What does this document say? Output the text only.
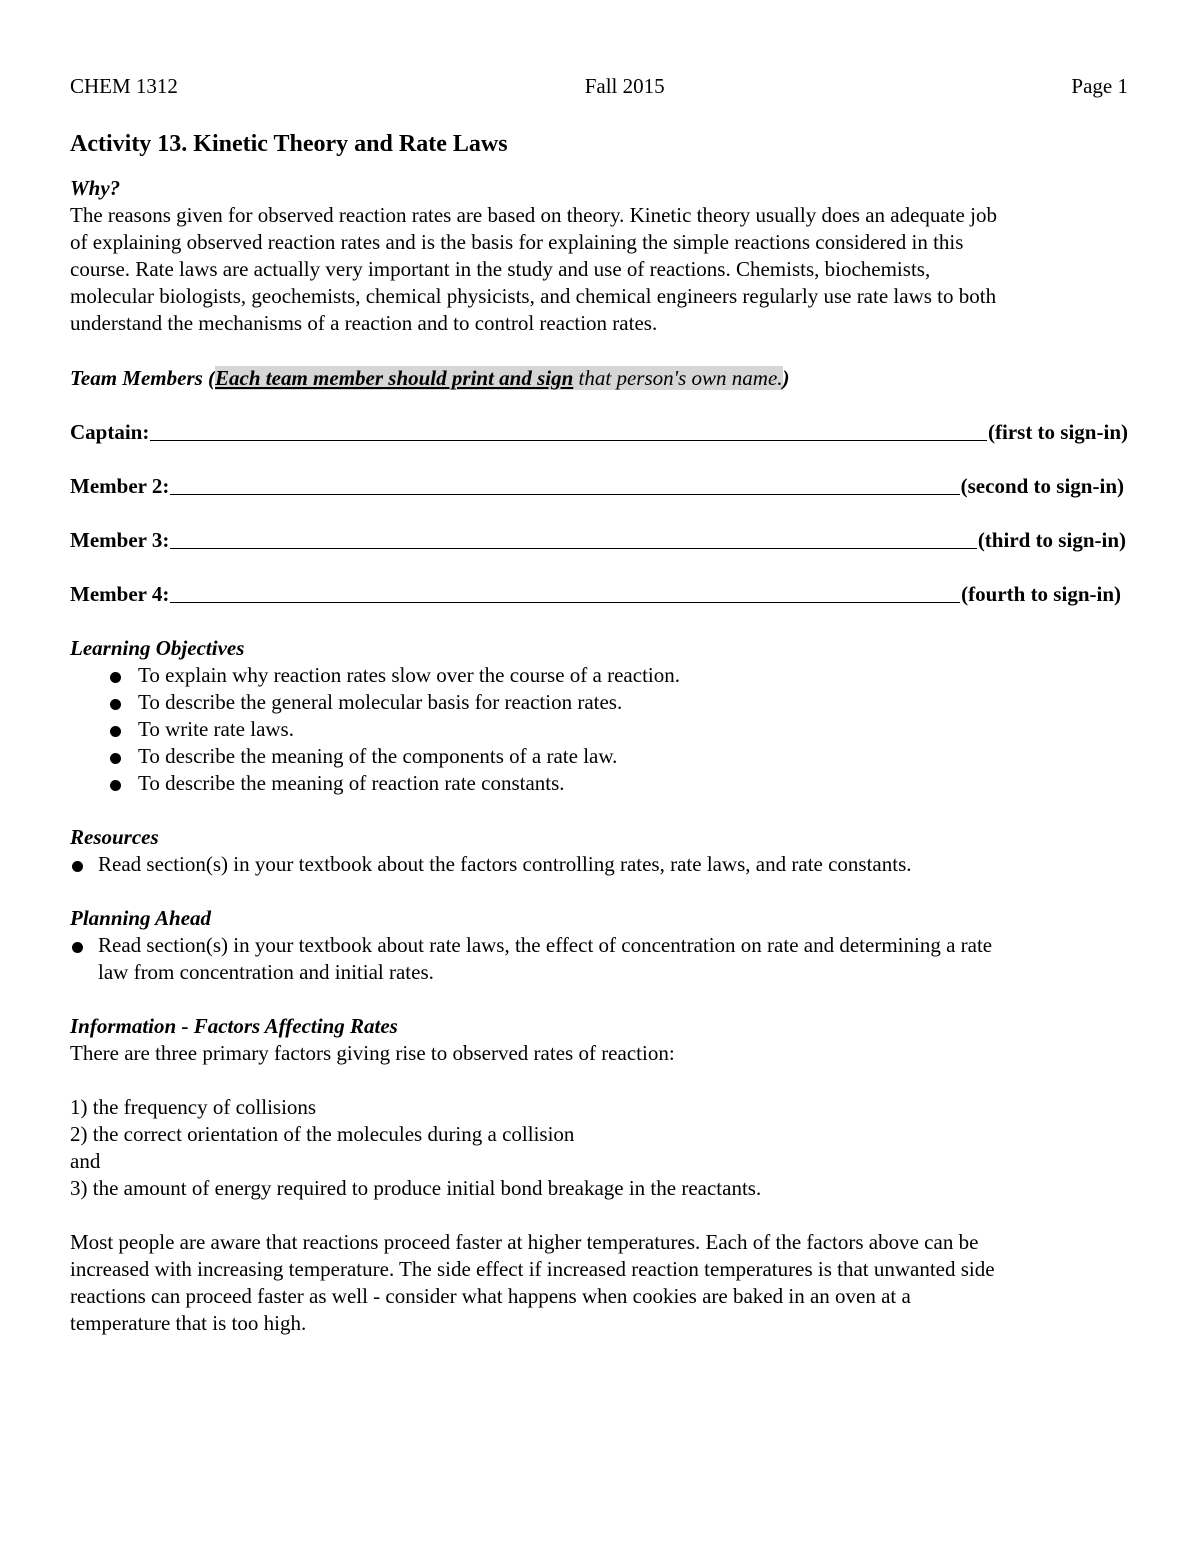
CHEM 1312	Fall 2015	Page 1
Activity 13. Kinetic Theory and Rate Laws
Why?
The reasons given for observed reaction rates are based on theory. Kinetic theory usually does an adequate job
of explaining observed reaction rates and is the basis for explaining the simple reactions considered in this
course. Rate laws are actually very important in the study and use of reactions. Chemists, biochemists,
molecular biologists, geochemists, chemical physicists, and chemical engineers regularly use rate laws to both
understand the mechanisms of a reaction and to control reaction rates.
Team Members (Each team member should print and sign that person's own name.)
Captain:	(first to sign-in)
Member 2:	(second to sign-in)
Member 3:	(third to sign-in)
Member 4:	(fourth to sign-in)
Learning Objectives
To explain why reaction rates slow over the course of a reaction.
To describe the general molecular basis for reaction rates.
To write rate laws.
To describe the meaning of the components of a rate law.
To describe the meaning of reaction rate constants.
Resources
Read section(s) in your textbook about the factors controlling rates, rate laws, and rate constants.
Planning Ahead
Read section(s) in your textbook about rate laws, the effect of concentration on rate and determining a rate
law from concentration and initial rates.
Information - Factors Affecting Rates
There are three primary factors giving rise to observed rates of reaction:
1) the frequency of collisions
2) the correct orientation of the molecules during a collision
and
3) the amount of energy required to produce initial bond breakage in the reactants.
Most people are aware that reactions proceed faster at higher temperatures. Each of the factors above can be
increased with increasing temperature. The side effect if increased reaction temperatures is that unwanted side
reactions can proceed faster as well - consider what happens when cookies are baked in an oven at a
temperature that is too high.
